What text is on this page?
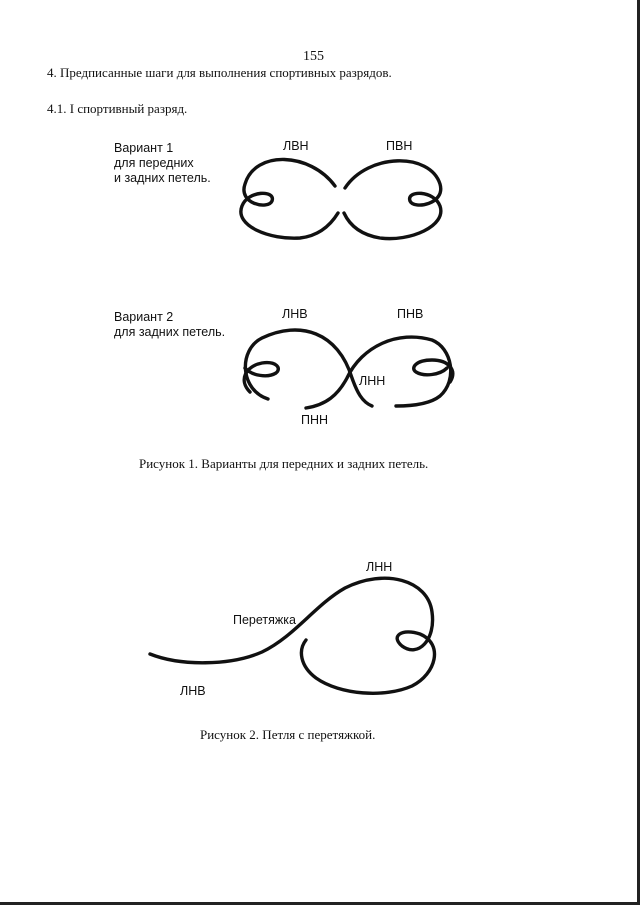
155
4. Предписанные шаги для выполнения спортивных разрядов.
4.1. I спортивный разряд.
Вариант 1
для передних
и задних петель.
ЛВН	ПВН
Вариант 2
для задних петель.
ЛНВ	ПНВ
ЛНН
ПНН
Рисунок 1. Варианты для передних и задних петель.
ЛНН
Перетяжка
ЛНВ
Рисунок 2. Петля с перетяжкой.
